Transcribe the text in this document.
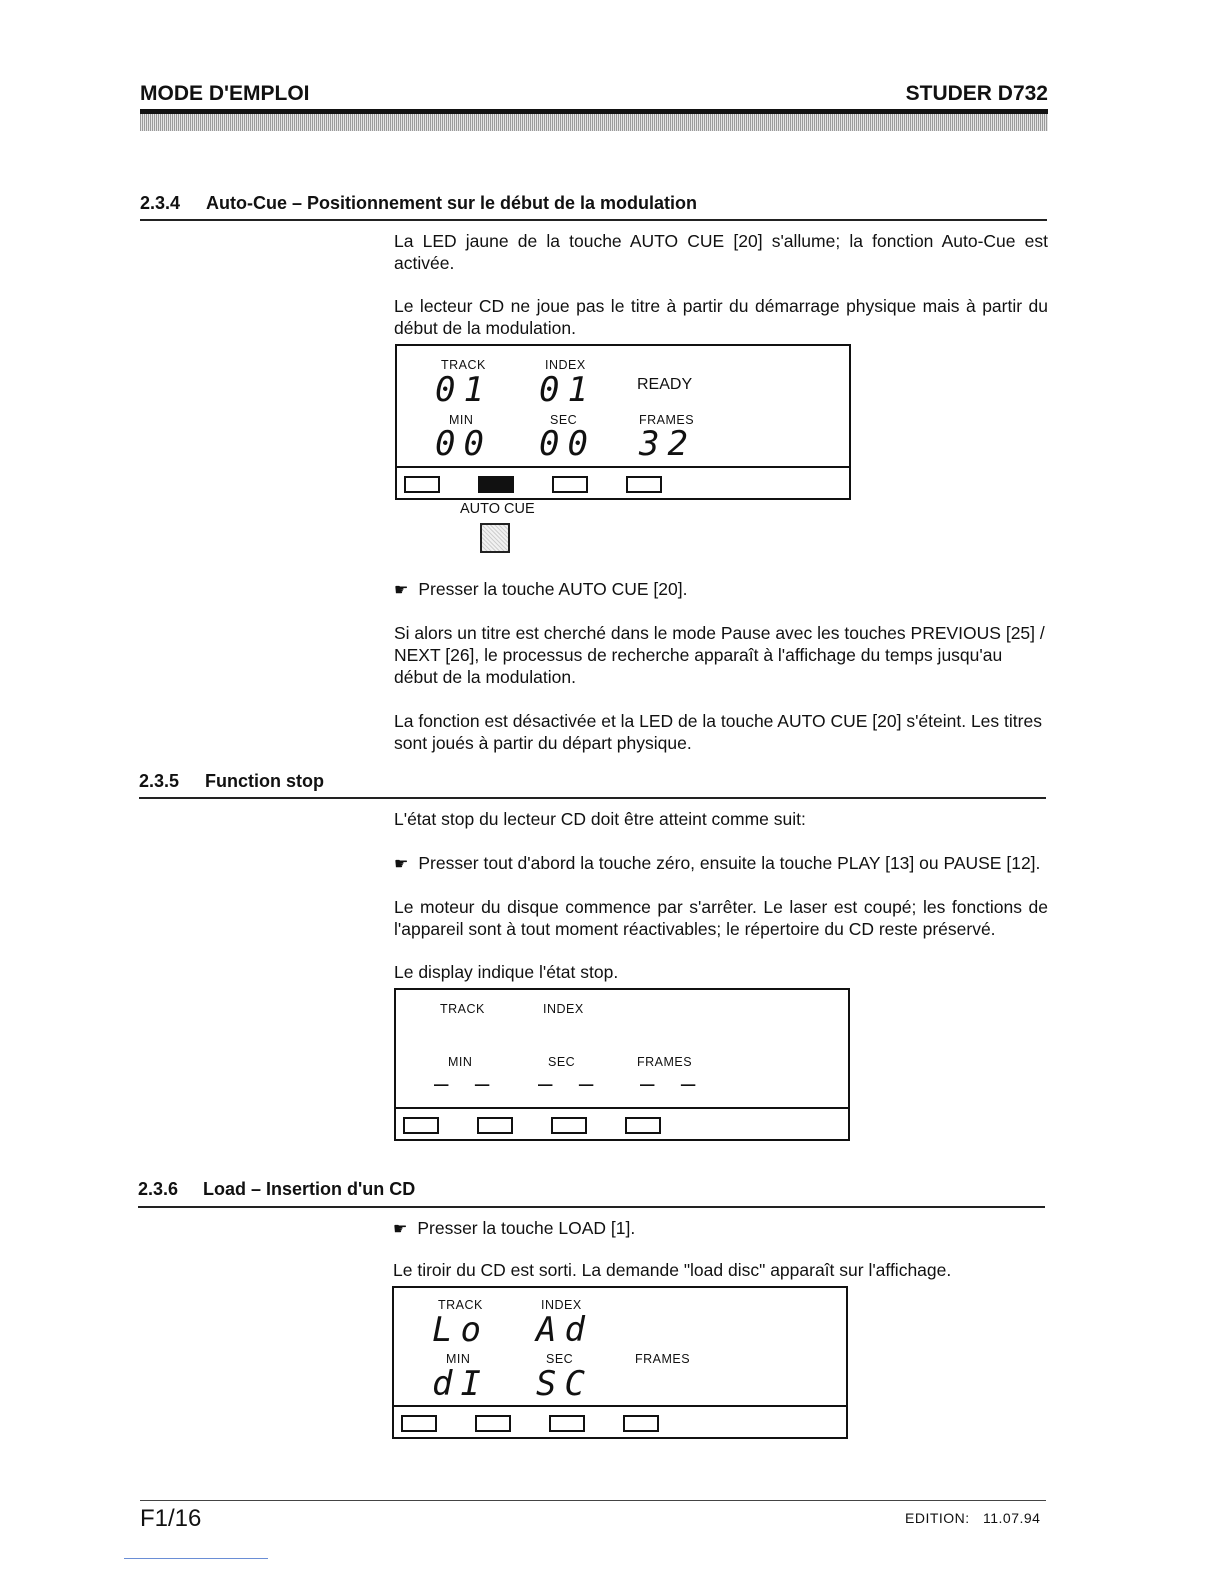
MODE D'EMPLOI	STUDER D732
2.3.4 Auto-Cue – Positionnement sur le début de la modulation
La LED jaune de la touche AUTO CUE [20] s'allume; la fonction Auto-Cue est activée.
Le lecteur CD ne joue pas le titre à partir du démarrage physique mais à partir du début de la modulation.
TRACK	INDEX
01 01	READY
MIN	SEC	FRAMES
00 00 32
AUTO CUE
☛ Presser la touche AUTO CUE [20].
Si alors un titre est cherché dans le mode Pause avec les touches PREVIOUS [25] / NEXT [26], le processus de recherche apparaît à l'affichage du temps jusqu'au début de la modulation.
La fonction est désactivée et la LED de la touche AUTO CUE [20] s'éteint. Les titres sont joués à partir du départ physique.
2.3.5 Function stop
L'état stop du lecteur CD doit être atteint comme suit:
☛ Presser tout d'abord la touche zéro, ensuite la touche PLAY [13] ou PAUSE [12].
Le moteur du disque commence par s'arrêter. Le laser est coupé; les fonctions de l'appareil sont à tout moment réactivables; le répertoire du CD reste préservé.
Le display indique l'état stop.
TRACK	INDEX
MIN	SEC	FRAMES
– – – – – –
2.3.6 Load – Insertion d'un CD
☛ Presser la touche LOAD [1].
Le tiroir du CD est sorti. La demande "load disc" apparaît sur l'affichage.
TRACK	INDEX
Lo Ad
MIN	SEC	FRAMES
dI SC
F1/16	EDITION: 11.07.94
